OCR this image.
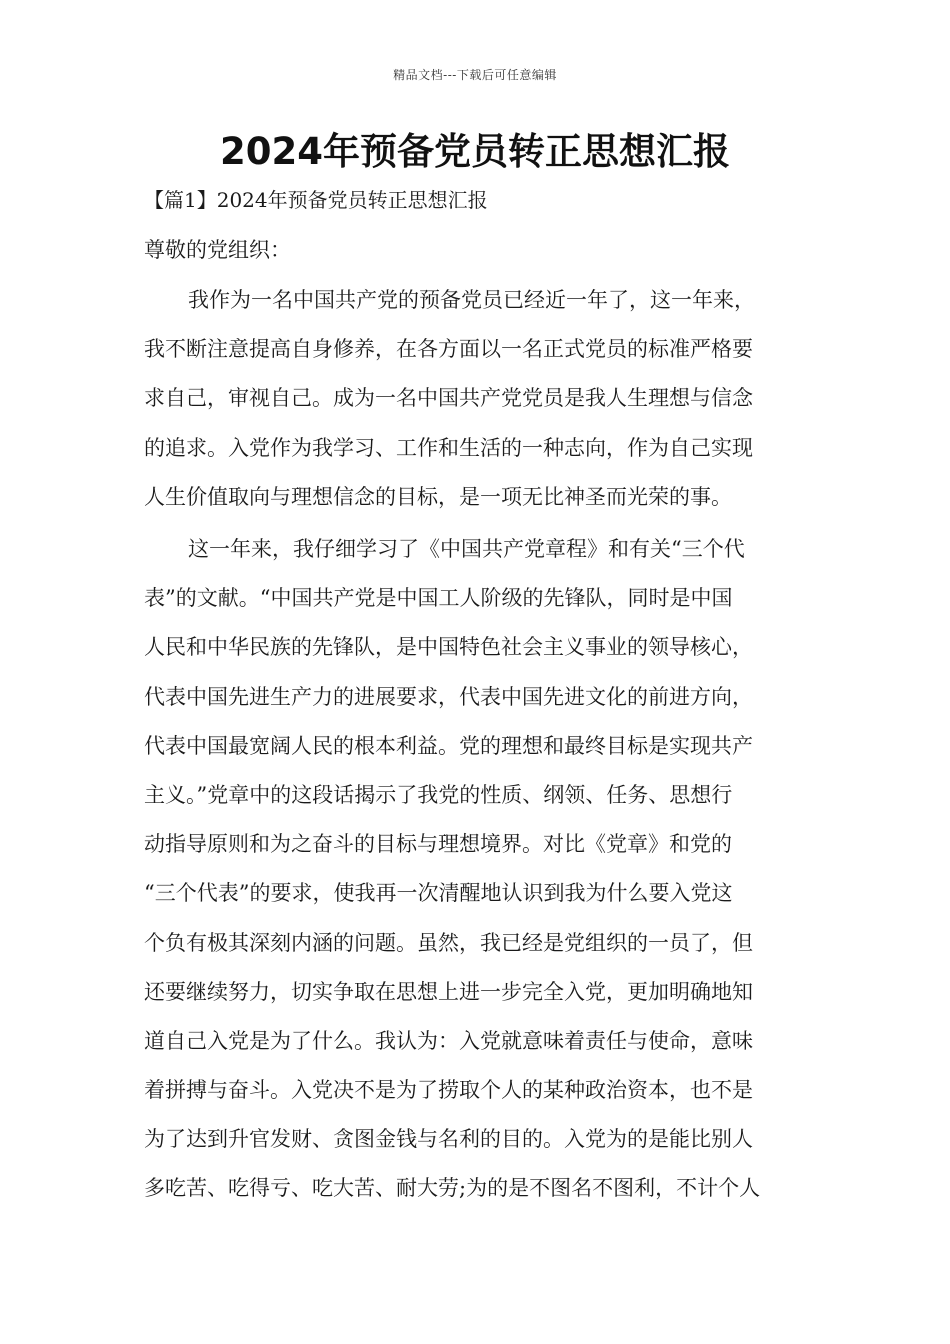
精品文档---下载后可任意编辑
2024年预备党员转正思想汇报

【篇1】2024年预备党员转正思想汇报

尊敬的党组织：

我作为一名中国共产党的预备党员已经近一年了，这一年来，
我不断注意提高自身修养，在各方面以一名正式党员的标准严格要
求自己，审视自己。成为一名中国共产党党员是我人生理想与信念
的追求。入党作为我学习、工作和生活的一种志向，作为自己实现
人生价值取向与理想信念的目标，是一项无比神圣而光荣的事。
这一年来，我仔细学习了《中国共产党章程》和有关“三个代
表”的文献。“中国共产党是中国工人阶级的先锋队，同时是中国
人民和中华民族的先锋队，是中国特色社会主义事业的领导核心，
代表中国先进生产力的进展要求，代表中国先进文化的前进方向，
代表中国最宽阔人民的根本利益。党的理想和最终目标是实现共产
主义。”党章中的这段话揭示了我党的性质、纲领、任务、思想行
动指导原则和为之奋斗的目标与理想境界。对比《党章》和党的
“三个代表”的要求，使我再一次清醒地认识到我为什么要入党这
个负有极其深刻内涵的问题。虽然，我已经是党组织的一员了，但
还要继续努力，切实争取在思想上进一步完全入党，更加明确地知
道自己入党是为了什么。我认为：入党就意味着责任与使命，意味
着拼搏与奋斗。入党决不是为了捞取个人的某种政治资本，也不是
为了达到升官发财、贪图金钱与名利的目的。入党为的是能比别人
多吃苦、吃得亏、吃大苦、耐大劳;为的是不图名不图利，不计个人
